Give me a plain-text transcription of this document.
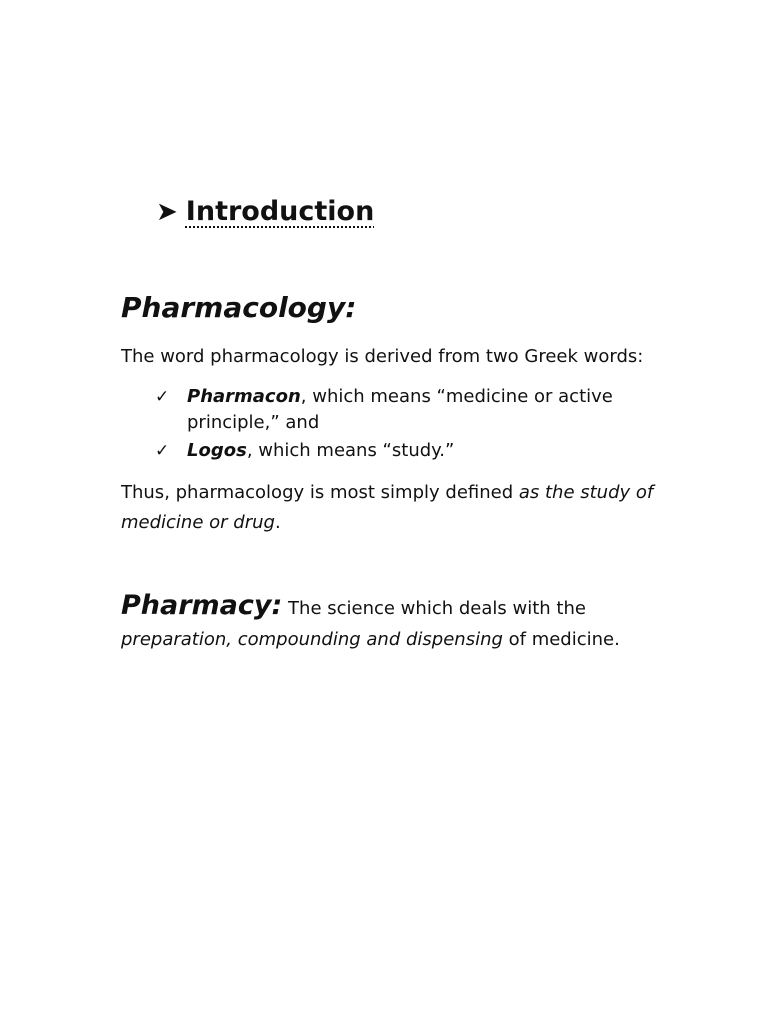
➤ Introduction
Pharmacology:
The word pharmacology is derived from two Greek words:
✓ Pharmacon, which means “medicine or active principle,” and
✓ Logos, which means “study.”
Thus, pharmacology is most simply defined as the study of medicine or drug.
Pharmacy: The science which deals with the preparation, compounding and dispensing of medicine.
